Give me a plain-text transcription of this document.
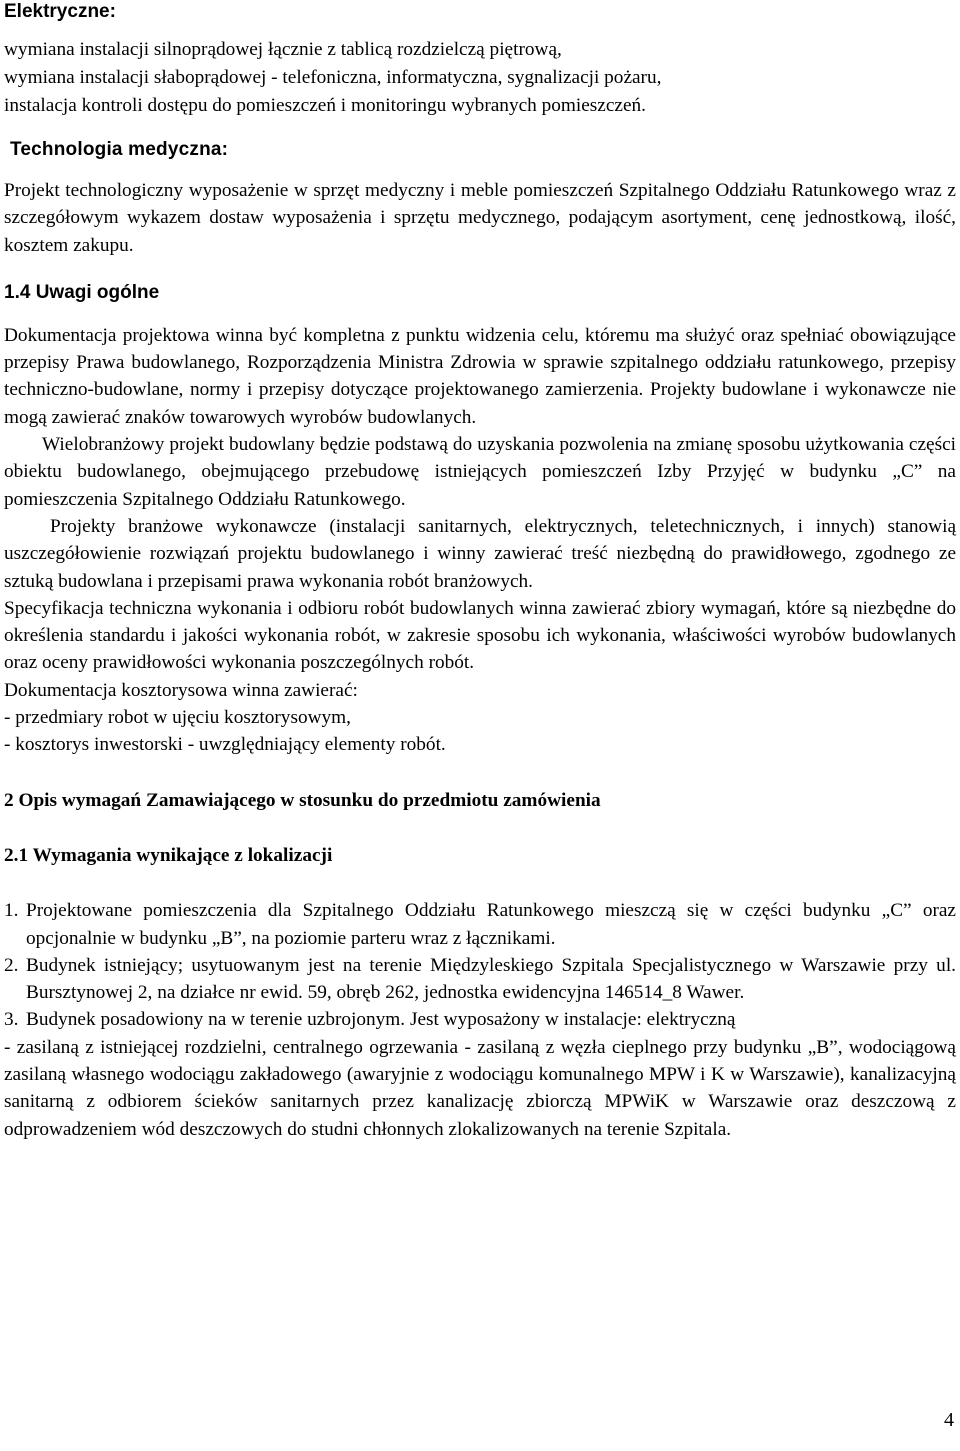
Elektryczne:
wymiana instalacji silnoprądowej łącznie z tablicą rozdzielczą piętrową,
wymiana instalacji słaboprądowej - telefoniczna, informatyczna, sygnalizacji pożaru,
instalacja kontroli dostępu do pomieszczeń i monitoringu wybranych pomieszczeń.
Technologia medyczna:

Projekt technologiczny wyposażenie w sprzęt medyczny i meble pomieszczeń Szpitalnego Oddziału Ratunkowego wraz z szczegółowym wykazem dostaw wyposażenia i sprzętu medycznego, podającym asortyment, cenę jednostkową, ilość, kosztem zakupu.

1.4 Uwagi ogólne

Dokumentacja projektowa winna być kompletna z punktu widzenia celu, któremu ma służyć oraz spełniać obowiązujące przepisy Prawa budowlanego, Rozporządzenia Ministra Zdrowia w sprawie szpitalnego oddziału ratunkowego, przepisy techniczno-budowlane, normy i przepisy dotyczące projektowanego zamierzenia. Projekty budowlane i wykonawcze nie mogą zawierać znaków towarowych wyrobów budowlanych.

Wielobranżowy projekt budowlany będzie podstawą do uzyskania pozwolenia na zmianę sposobu użytkowania części obiektu budowlanego, obejmującego przebudowę istniejących pomieszczeń Izby Przyjęć w budynku „C” na pomieszczenia Szpitalnego Oddziału Ratunkowego.

Projekty branżowe wykonawcze (instalacji sanitarnych, elektrycznych, teletechnicznych, i innych) stanowią uszczegółowienie rozwiązań projektu budowlanego i winny zawierać treść niezbędną do prawidłowego, zgodnego ze sztuką budowlana i przepisami prawa wykonania robót branżowych.

Specyfikacja techniczna wykonania i odbioru robót budowlanych winna zawierać zbiory wymagań, które są niezbędne do określenia standardu i jakości wykonania robót, w zakresie sposobu ich wykonania, właściwości wyrobów budowlanych oraz oceny prawidłowości wykonania poszczególnych robót.

Dokumentacja kosztorysowa winna zawierać:

- przedmiary robot w ujęciu kosztorysowym,

- kosztorys inwestorski - uwzględniający elementy robót.

2 Opis wymagań Zamawiającego w stosunku do przedmiotu zamówienia
2.1 Wymagania wynikające z lokalizacji
1. Projektowane pomieszczenia dla Szpitalnego Oddziału Ratunkowego mieszczą się w części budynku „C” oraz opcjonalnie w budynku „B”, na poziomie parteru wraz z łącznikami.
2. Budynek istniejący; usytuowanym jest na terenie Międzyleskiego Szpitala Specjalistycznego w Warszawie przy ul. Bursztynowej 2, na działce nr ewid. 59, obręb 262, jednostka ewidencyjna 146514_8 Wawer.
3. Budynek posadowiony na w terenie uzbrojonym. Jest wyposażony w instalacje: elektryczną

- zasilaną z istniejącej rozdzielni, centralnego ogrzewania - zasilaną z węzła cieplnego przy budynku „B”, wodociągową zasilaną własnego wodociągu zakładowego (awaryjnie z wodociągu komunalnego MPW i K w Warszawie), kanalizacyjną sanitarną z odbiorem ścieków sanitarnych przez kanalizację zbiorczą MPWiK w Warszawie oraz deszczową z odprowadzeniem wód deszczowych do studni chłonnych zlokalizowanych na terenie Szpitala.

4
